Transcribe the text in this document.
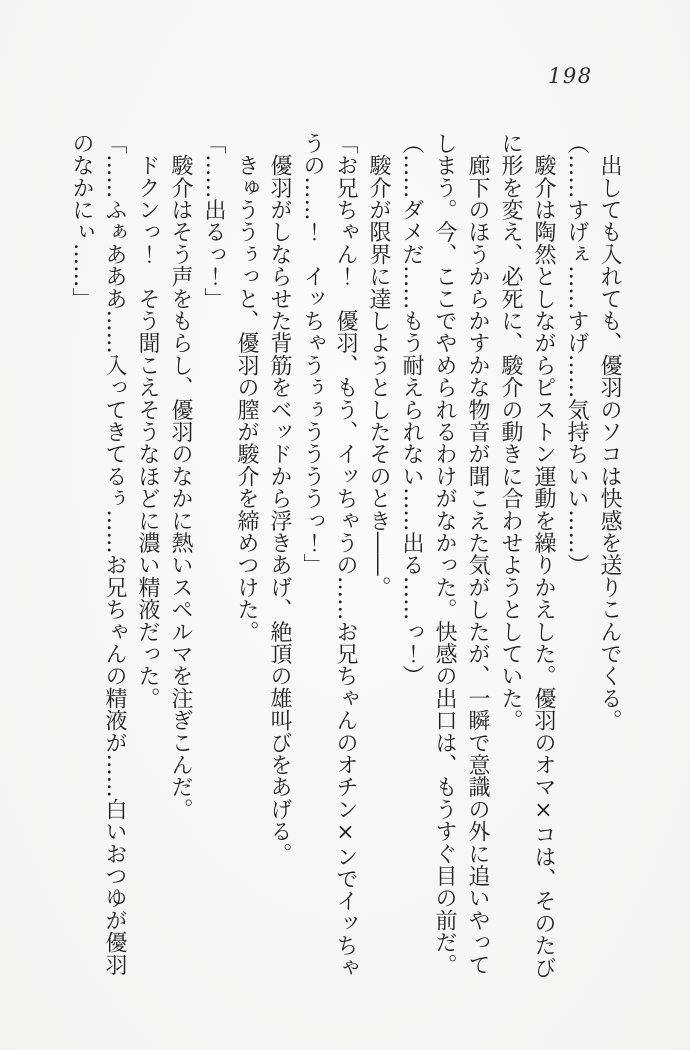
198
　出しても入れても、優羽のソコは快感を送りこんでくる。
（……すげぇ……すげ……気持ちいい……）
　駿介は陶然としながらピストン運動を繰りかえした。優羽のオマ×コは、そのたび
に形を変え、必死に、駿介の動きに合わせようとしていた。
　廊下のほうからかすかな物音が聞こえた気がしたが、一瞬で意識の外に追いやって
しまう。今、ここでやめられるわけがなかった。快感の出口は、もうすぐ目の前だ。
（……ダメだ……もう耐えられない……出る……っ！）
　駿介が限界に達しようとしたそのとき――。
「お兄ちゃん！　優羽、もう、イッちゃうの……お兄ちゃんのオチン×ンでイッちゃ
うの……！　イッちゃうぅぅううううっ！」
　優羽がしならせた背筋をベッドから浮きあげ、絶頂の雄叫びをあげる。
　きゅううぅっと、優羽の膣が駿介を締めつけた。
「……出るっ！」
　駿介はそう声をもらし、優羽のなかに熱いスペルマを注ぎこんだ。
　ドクンっ！　そう聞こえそうなほどに濃い精液だった。
「……ふぁあああ……入ってきてるぅ……お兄ちゃんの精液が……白いおつゆが優羽
のなかにぃ……」
